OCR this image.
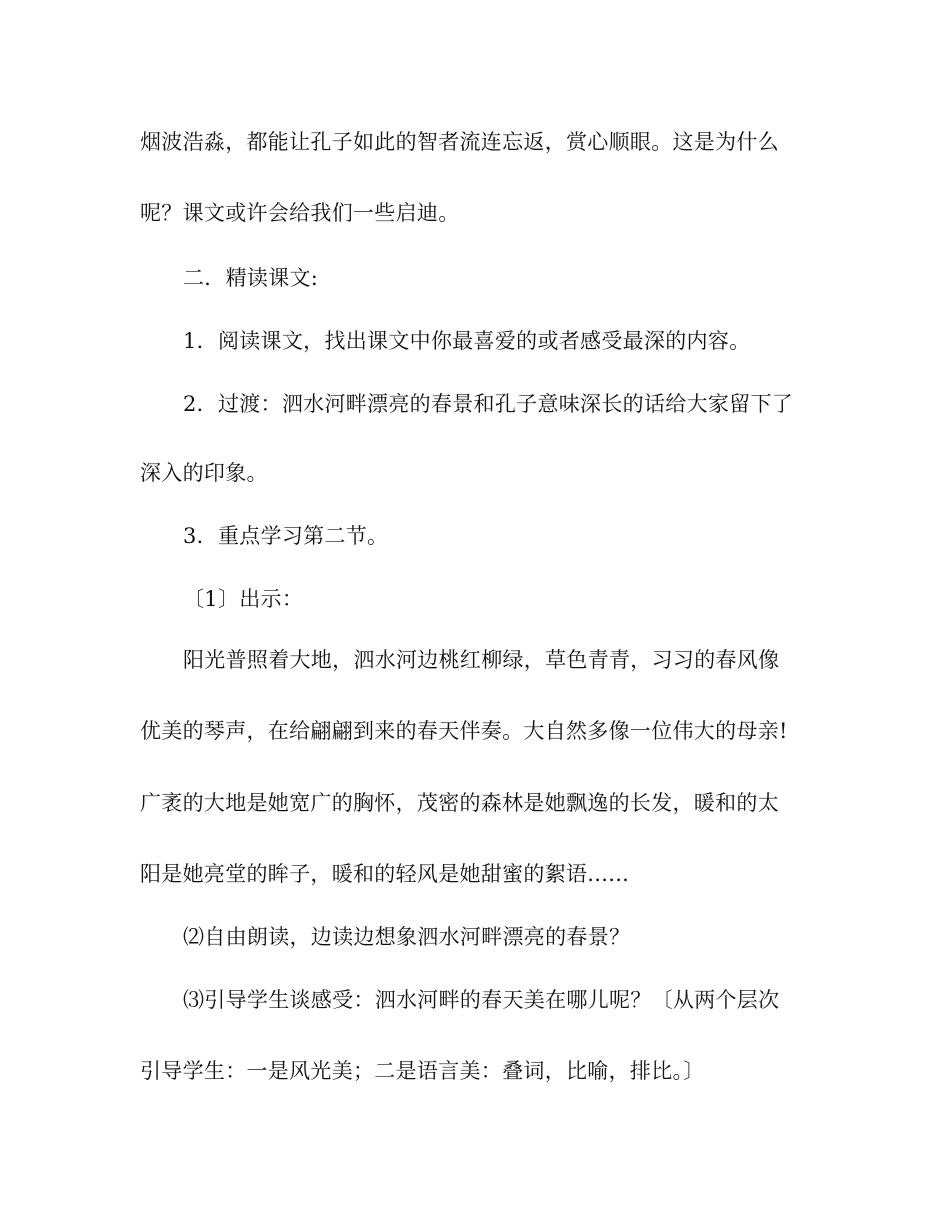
烟波浩淼，都能让孔子如此的智者流连忘返，赏心顺眼。这是为什么
呢？课文或许会给我们一些启迪。
二．精读课文:
1．阅读课文，找出课文中你最喜爱的或者感受最深的内容。
2．过渡：泗水河畔漂亮的春景和孔子意味深长的话给大家留下了
深入的印象。
3．重点学习第二节。
〔1〕出示：
阳光普照着大地，泗水河边桃红柳绿，草色青青，习习的春风像
优美的琴声，在给翩翩到来的春天伴奏。大自然多像一位伟大的母亲!
广袤的大地是她宽广的胸怀，茂密的森林是她飘逸的长发，暖和的太
阳是她亮堂的眸子，暖和的轻风是她甜蜜的絮语......
⑵自由朗读，边读边想象泗水河畔漂亮的春景？
⑶引导学生谈感受：泗水河畔的春天美在哪儿呢？〔从两个层次
引导学生：一是风光美；二是语言美：叠词，比喻，排比。〕
